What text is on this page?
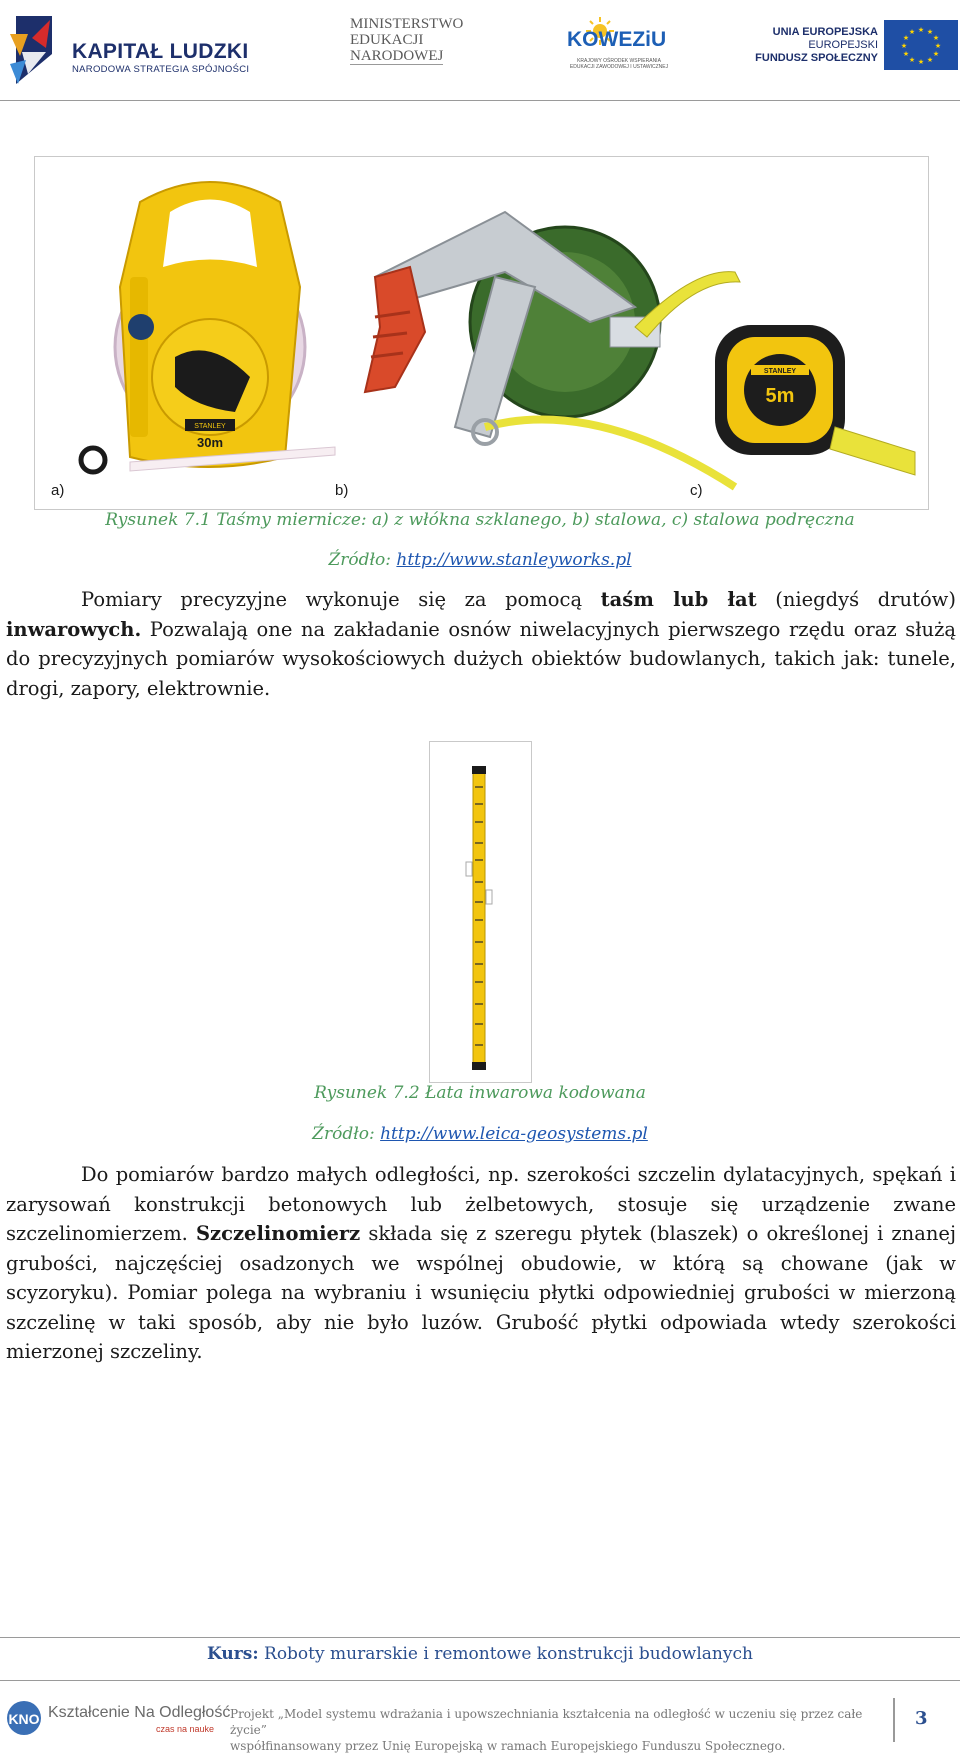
KAPITAŁ LUDZKI
NARODOWA STRATEGIA SPÓJNOŚCI
MINISTERSTWO
EDUKACJI
NARODOWEJ
KOWEZiU
KRAJOWY OŚRODEK WSPIERANIA EDUKACJI ZAWODOWEJ I USTAWICZNEJ
UNIA EUROPEJSKA
EUROPEJSKI
FUNDUSZ SPOŁECZNY
★ ★
★
★
★
★
★
★
★
★
★
★
STANLEY
30m
a)	b)
STANLEY
5m
c)
Rysunek 7.1 Taśmy miernicze: a) z włókna szklanego, b) stalowa, c) stalowa podręczna
Źródło: http://www.stanleyworks.pl
Pomiary precyzyjne wykonuje się za pomocą taśm lub łat (niegdyś drutów) inwarowych. Pozwalają one na zakładanie osnów niwelacyjnych pierwszego rzędu oraz służą do precyzyjnych pomiarów wysokościowych dużych obiektów budowlanych, takich jak: tunele, drogi, zapory, elektrownie.
Rysunek 7.2 Łata inwarowa kodowana
Źródło: http://www.leica-geosystems.pl
Do pomiarów bardzo małych odległości, np. szerokości szczelin dylatacyjnych, spękań i zarysowań konstrukcji betonowych lub żelbetowych, stosuje się urządzenie zwane szczelinomierzem. Szczelinomierz składa się z szeregu płytek (blaszek) o określonej i znanej grubości, najczęściej osadzonych we wspólnej obudowie, w którą są chowane (jak w scyzoryku). Pomiar polega na wybraniu i wsunięciu płytki odpowiedniej grubości w mierzoną szczelinę w taki sposób, aby nie było luzów. Grubość płytki odpowiada wtedy szerokości mierzonej szczeliny.
Kurs: Roboty murarskie i remontowe konstrukcji budowlanych
KNO Kształcenie Na Odległość
czas na nauke
Projekt „Model systemu wdrażania i upowszechniania kształcenia na odległość w uczeniu się przez całe życie”
współfinansowany przez Unię Europejską w ramach Europejskiego Funduszu Społecznego.
3
